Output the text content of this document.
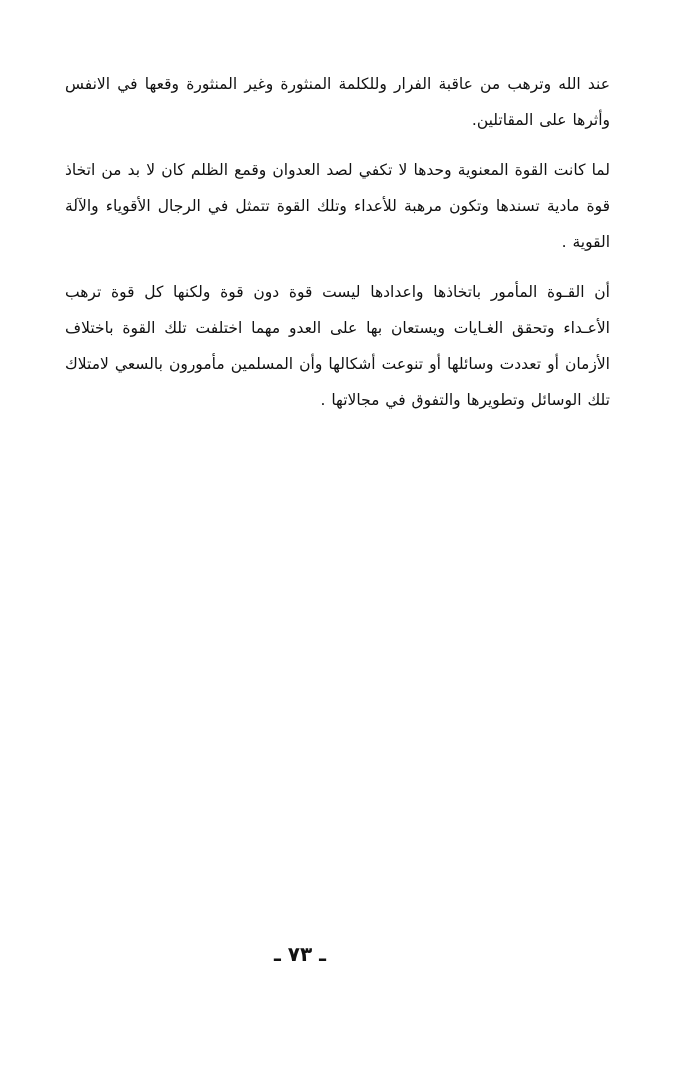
عند الله وترهب من عاقبة الفرار وللكلمة المنثورة وغير المنثورة وقعها في الانفس وأثرها على المقاتلين.

لما كانت القوة المعنوية وحدها لا تكفي لصد العدوان وقمع الظلم كان لا بد من اتخاذ قوة مادية تسندها وتكون مرهبة للأعداء وتلك القوة تتمثل في الرجال الأقوياء والآلة القوية .

أن القـوة المأمور باتخاذها واعدادها ليست قوة دون قوة ولكنها كل قوة ترهب الأعـداء وتحقق الغـايات ويستعان بها على العدو مهما اختلفت تلك القوة باختلاف الأزمان أو تعددت وسائلها أو تنوعت أشكالها وأن المسلمين مأمورون بالسعي لامتلاك تلك الوسائل وتطويرها والتفوق في مجالاتها .

ـ ٧٣ ـ
